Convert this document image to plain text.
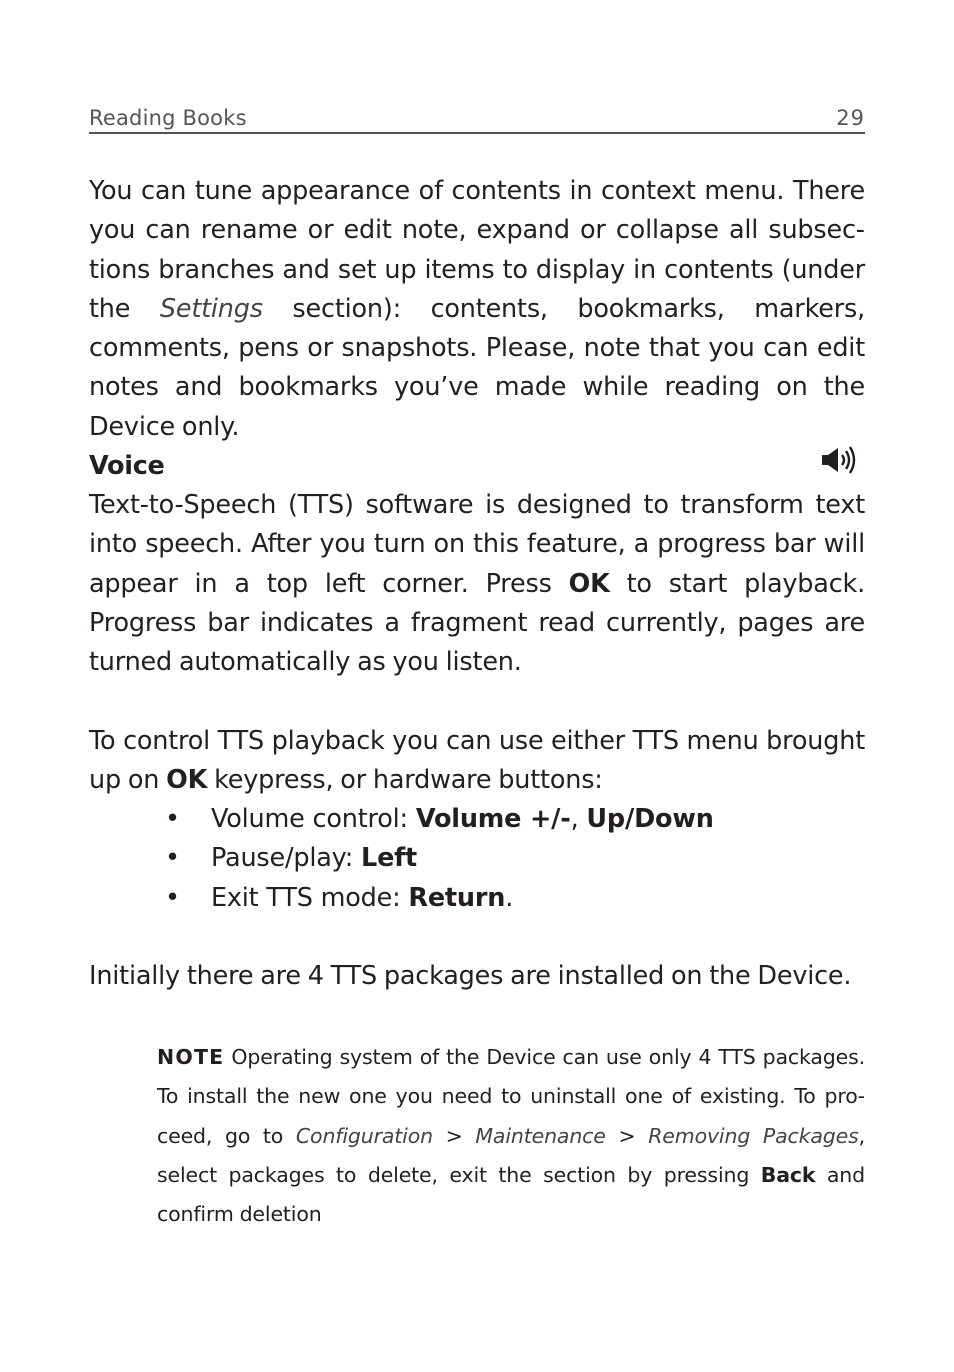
Reading Books	29
You can tune appearance of contents in context menu. There you can rename or edit note, expand or collapse all subsections branches and set up items to display in contents (under the Settings section): contents, bookmarks, markers, comments, pens or snapshots. Please, note that you can edit notes and bookmarks you’ve made while reading on the Device only.
Voice
Text-to-Speech (TTS) software is designed to transform text into speech. After you turn on this feature, a progress bar will appear in a top left corner. Press OK to start playback. Progress bar indicates a fragment read currently, pages are turned automatically as you listen.
To control TTS playback you can use either TTS menu brought up on OK keypress, or hardware buttons:
• Volume control: Volume +/-, Up/Down
• Pause/play: Left
• Exit TTS mode: Return.
Initially there are 4 TTS packages are installed on the Device.
NOTE Operating system of the Device can use only 4 TTS packages. To install the new one you need to uninstall one of existing. To proceed, go to Configuration > Maintenance > Removing Packages, select packages to delete, exit the section by pressing Back and confirm deletion
